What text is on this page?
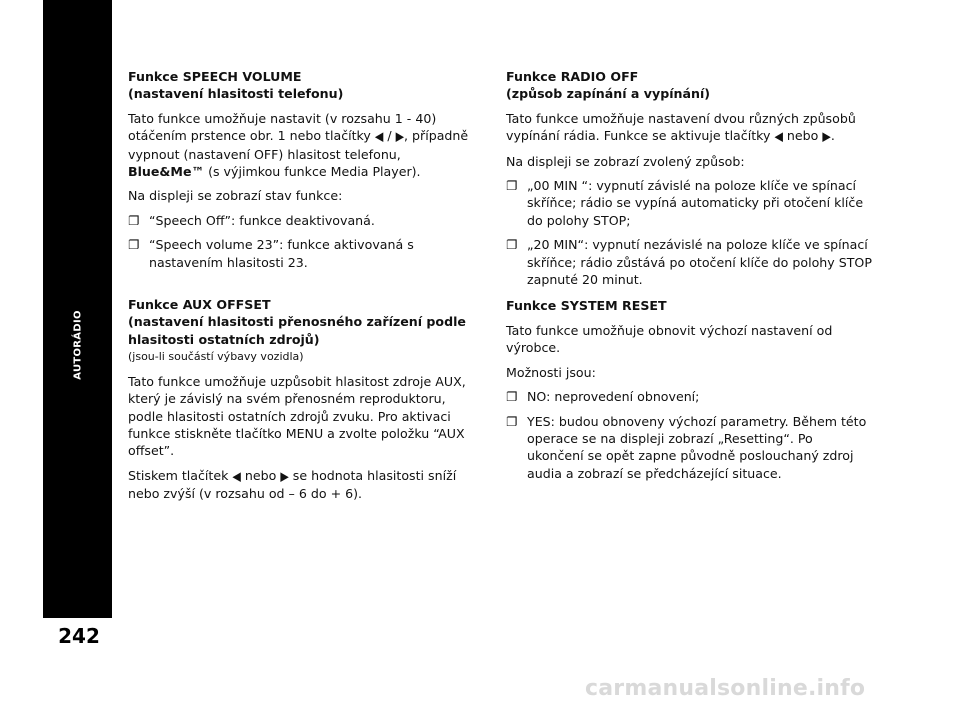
AUTORÁDIO
242
Funkce SPEECH VOLUME
(nastavení hlasitosti telefonu)

Tato funkce umožňuje nastavit (v rozsahu 1 - 40) otáčením prstence obr. 1 nebo tlačítky ◀ / ▶, případně vypnout (nastavení OFF) hlasitost telefonu, Blue&Me™ (s výjimkou funkce Media Player).

Na displeji se zobrazí stav funkce:

❐ “Speech Off”: funkce deaktivovaná.
❐ “Speech volume 23”: funkce aktivovaná s nastavením hlasitosti 23.
Funkce AUX OFFSET
(nastavení hlasitosti přenosného zařízení podle hlasitosti ostatních zdrojů)
(jsou-li součástí výbavy vozidla)

Tato funkce umožňuje uzpůsobit hlasitost zdroje AUX, který je závislý na svém přenosném reproduktoru, podle hlasitosti ostatních zdrojů zvuku. Pro aktivaci funkce stiskněte tlačítko MENU a zvolte položku “AUX offset”.

Stiskem tlačítek ◀ nebo ▶ se hodnota hlasitosti sníží nebo zvýší (v rozsahu od – 6 do + 6).

Funkce RADIO OFF
(způsob zapínání a vypínání)

Tato funkce umožňuje nastavení dvou různých způsobů vypínání rádia. Funkce se aktivuje tlačítky ◀ nebo ▶.

Na displeji se zobrazí zvolený způsob:

❐ „00 MIN “: vypnutí závislé na poloze klíče ve spínací skříňce; rádio se vypíná automaticky při otočení klíče do polohy STOP;
❐ „20 MIN“: vypnutí nezávislé na poloze klíče ve spínací skříňce; rádio zůstává po otočení klíče do polohy STOP zapnuté 20 minut.
Funkce SYSTEM RESET

Tato funkce umožňuje obnovit výchozí nastavení od výrobce.

Možnosti jsou:

❐ NO: neprovedení obnovení;
❐ YES: budou obnoveny výchozí parametry. Během této operace se na displeji zobrazí „Resetting“. Po ukončení se opět zapne původně poslouchaný zdroj audia a zobrazí se předcházející situace.
carmanualsonline.info
